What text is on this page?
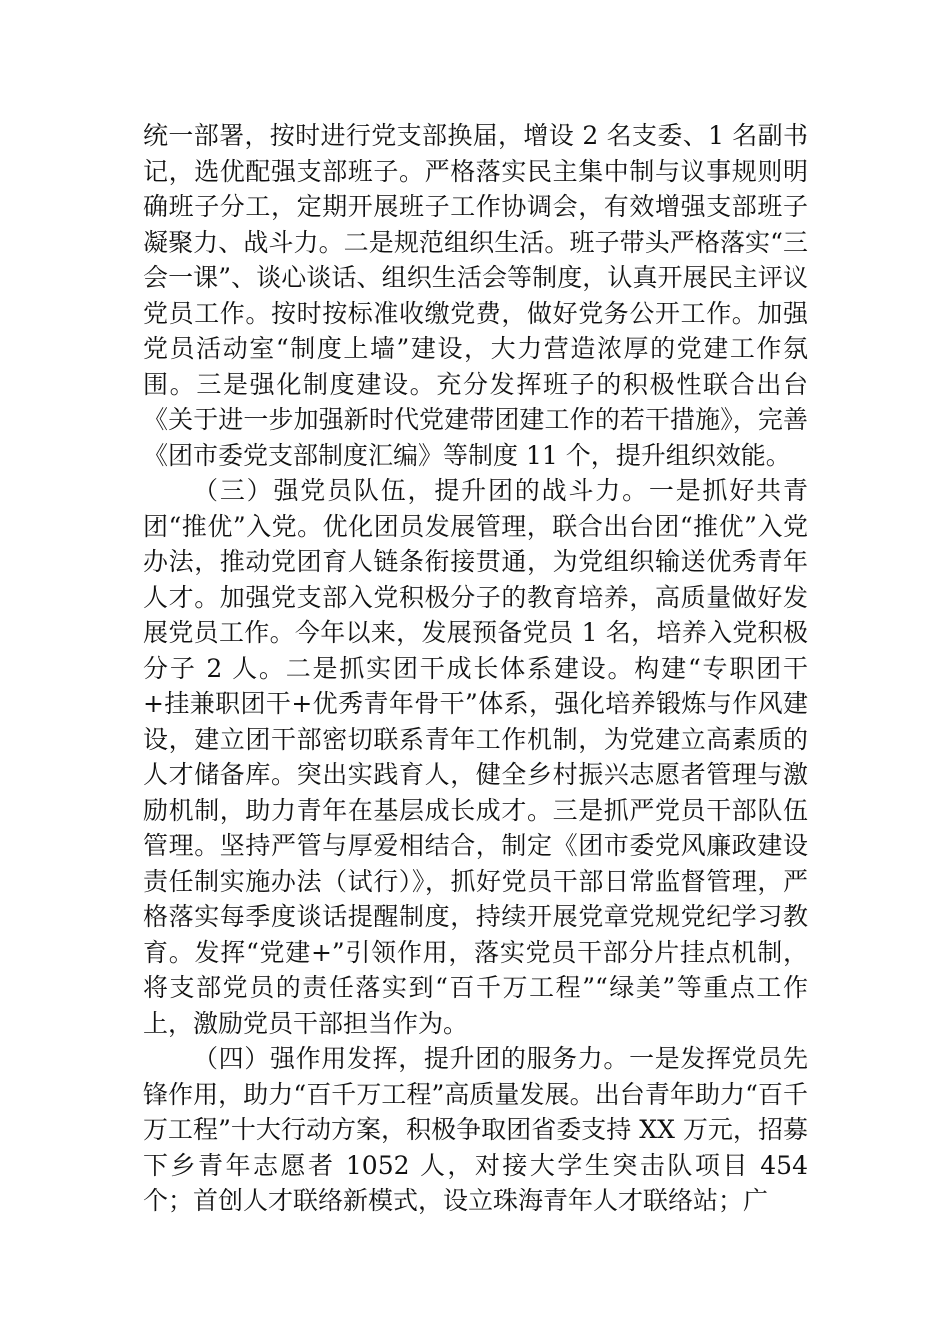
统一部署，按时进行党支部换届，增设 2 名支委、1 名副书记，选优配强支部班子。严格落实民主集中制与议事规则明确班子分工，定期开展班子工作协调会，有效增强支部班子凝聚力、战斗力。二是规范组织生活。班子带头严格落实“三会一课”、谈心谈话、组织生活会等制度，认真开展民主评议党员工作。按时按标准收缴党费，做好党务公开工作。加强党员活动室“制度上墙”建设，大力营造浓厚的党建工作氛围。三是强化制度建设。充分发挥班子的积极性联合出台《关于进一步加强新时代党建带团建工作的若干措施》，完善《团市委党支部制度汇编》等制度 11 个，提升组织效能。

（三）强党员队伍，提升团的战斗力。一是抓好共青团“推优”入党。优化团员发展管理，联合出台团“推优”入党办法，推动党团育人链条衔接贯通，为党组织输送优秀青年人才。加强党支部入党积极分子的教育培养，高质量做好发展党员工作。今年以来，发展预备党员 1 名，培养入党积极分子 2 人。二是抓实团干成长体系建设。构建“专职团干+挂兼职团干+优秀青年骨干”体系，强化培养锻炼与作风建设，建立团干部密切联系青年工作机制，为党建立高素质的人才储备库。突出实践育人，健全乡村振兴志愿者管理与激励机制，助力青年在基层成长成才。三是抓严党员干部队伍管理。坚持严管与厚爱相结合，制定《团市委党风廉政建设责任制实施办法（试行）》，抓好党员干部日常监督管理，严格落实每季度谈话提醒制度，持续开展党章党规党纪学习教育。发挥“党建+”引领作用，落实党员干部分片挂点机制，将支部党员的责任落实到“百千万工程”“绿美”等重点工作上，激励党员干部担当作为。

（四）强作用发挥，提升团的服务力。一是发挥党员先锋作用，助力“百千万工程”高质量发展。出台青年助力“百千万工程”十大行动方案，积极争取团省委支持 XX 万元，招募下乡青年志愿者 1052 人，对接大学生突击队项目 454 个；首创人才联络新模式，设立珠海青年人才联络站；广
